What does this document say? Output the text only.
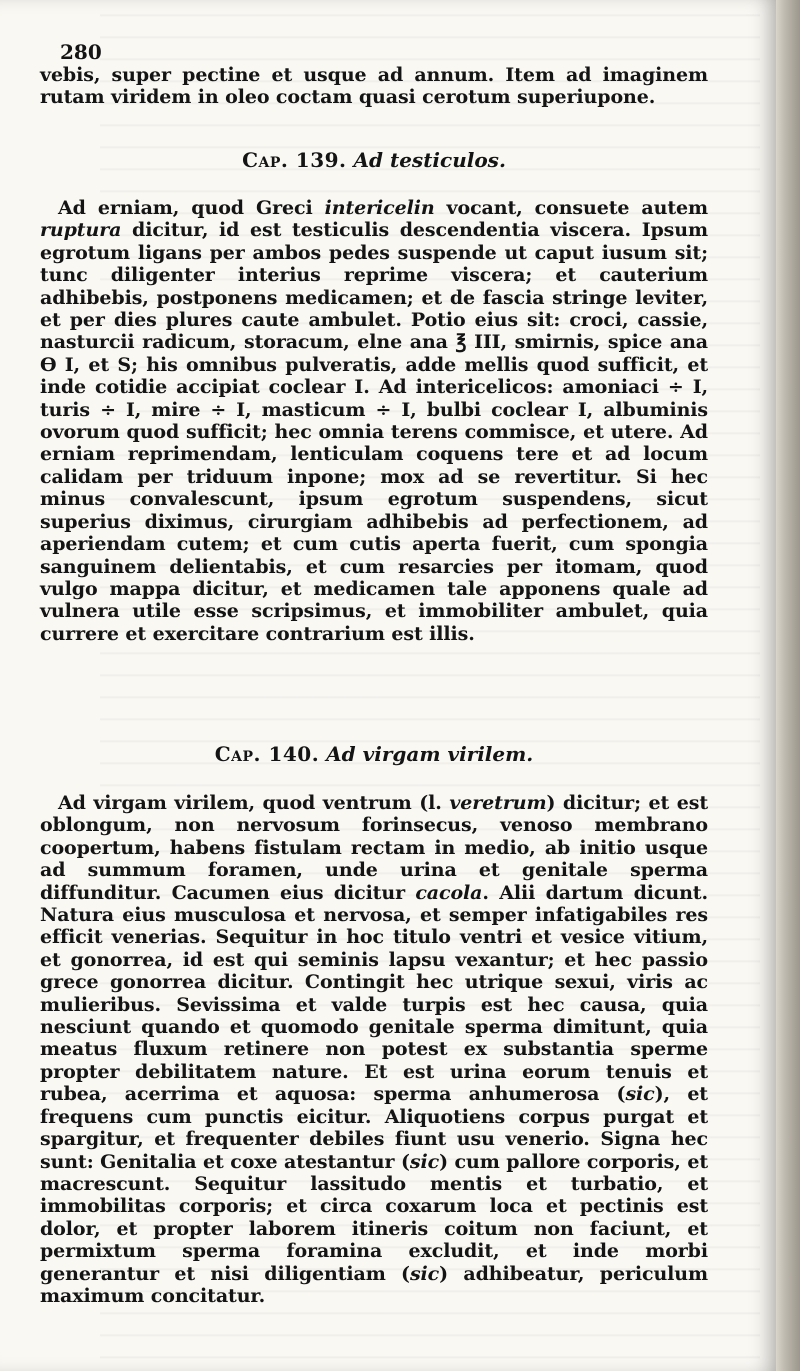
280

vebis, super pectine et usque ad annum. Item ad imaginem rutam viridem in oleo coctam quasi cerotum superiupone.

Cap. 139. Ad testiculos.

Ad erniam, quod Greci intericelin vocant, consuete autem ruptura dicitur, id est testiculis descendentia viscera. Ipsum egrotum ligans per ambos pedes suspende ut caput iusum sit; tunc diligenter interius reprime viscera; et cauterium adhibebis, postponens medicamen; et de fascia stringe leviter, et per dies plures caute ambulet. Potio eius sit: croci, cassie, nasturcii radicum, storacum, elne ana ℥ III, smirnis, spice ana ϴ I, et S; his omnibus pulveratis, adde mellis quod sufficit, et inde cotidie accipiat coclear I. Ad intericelicos: amoniaci ÷ I, turis ÷ I, mire ÷ I, masticum ÷ I, bulbi coclear I, albuminis ovorum quod sufficit; hec omnia terens commisce, et utere. Ad erniam reprimendam, lenticulam coquens tere et ad locum calidam per triduum inpone; mox ad se revertitur. Si hec minus convalescunt, ipsum egrotum suspendens, sicut superius diximus, cirurgiam adhibebis ad perfectionem, ad aperiendam cutem; et cum cutis aperta fuerit, cum spongia sanguinem delientabis, et cum resarcies per itomam, quod vulgo mappa dicitur, et medicamen tale apponens quale ad vulnera utile esse scripsimus, et immobiliter ambulet, quia currere et exercitare contrarium est illis.

Cap. 140. Ad virgam virilem.

Ad virgam virilem, quod ventrum (l. veretrum) dicitur; et est oblongum, non nervosum forinsecus, venoso membrano coopertum, habens fistulam rectam in medio, ab initio usque ad summum foramen, unde urina et genitale sperma diffunditur. Cacumen eius dicitur cacola. Alii dartum dicunt. Natura eius musculosa et nervosa, et semper infatigabiles res efficit venerias. Sequitur in hoc titulo ventri et vesice vitium, et gonorrea, id est qui seminis lapsu vexantur; et hec passio grece gonorrea dicitur. Contingit hec utrique sexui, viris ac mulieribus. Sevissima et valde turpis est hec causa, quia nesciunt quando et quomodo genitale sperma dimitunt, quia meatus fluxum retinere non potest ex substantia sperme propter debilitatem nature. Et est urina eorum tenuis et rubea, acerrima et aquosa: sperma anhumerosa (sic), et frequens cum punctis eicitur. Aliquotiens corpus purgat et spargitur, et frequenter debiles fiunt usu venerio. Signa hec sunt: Genitalia et coxe atestantur (sic) cum pallore corporis, et macrescunt. Sequitur lassitudo mentis et turbatio, et immobilitas corporis; et circa coxarum loca et pectinis est dolor, et propter laborem itineris coitum non faciunt, et permixtum sperma foramina excludit, et inde morbi generantur et nisi diligentiam (sic) adhibeatur, periculum maximum concitatur.
